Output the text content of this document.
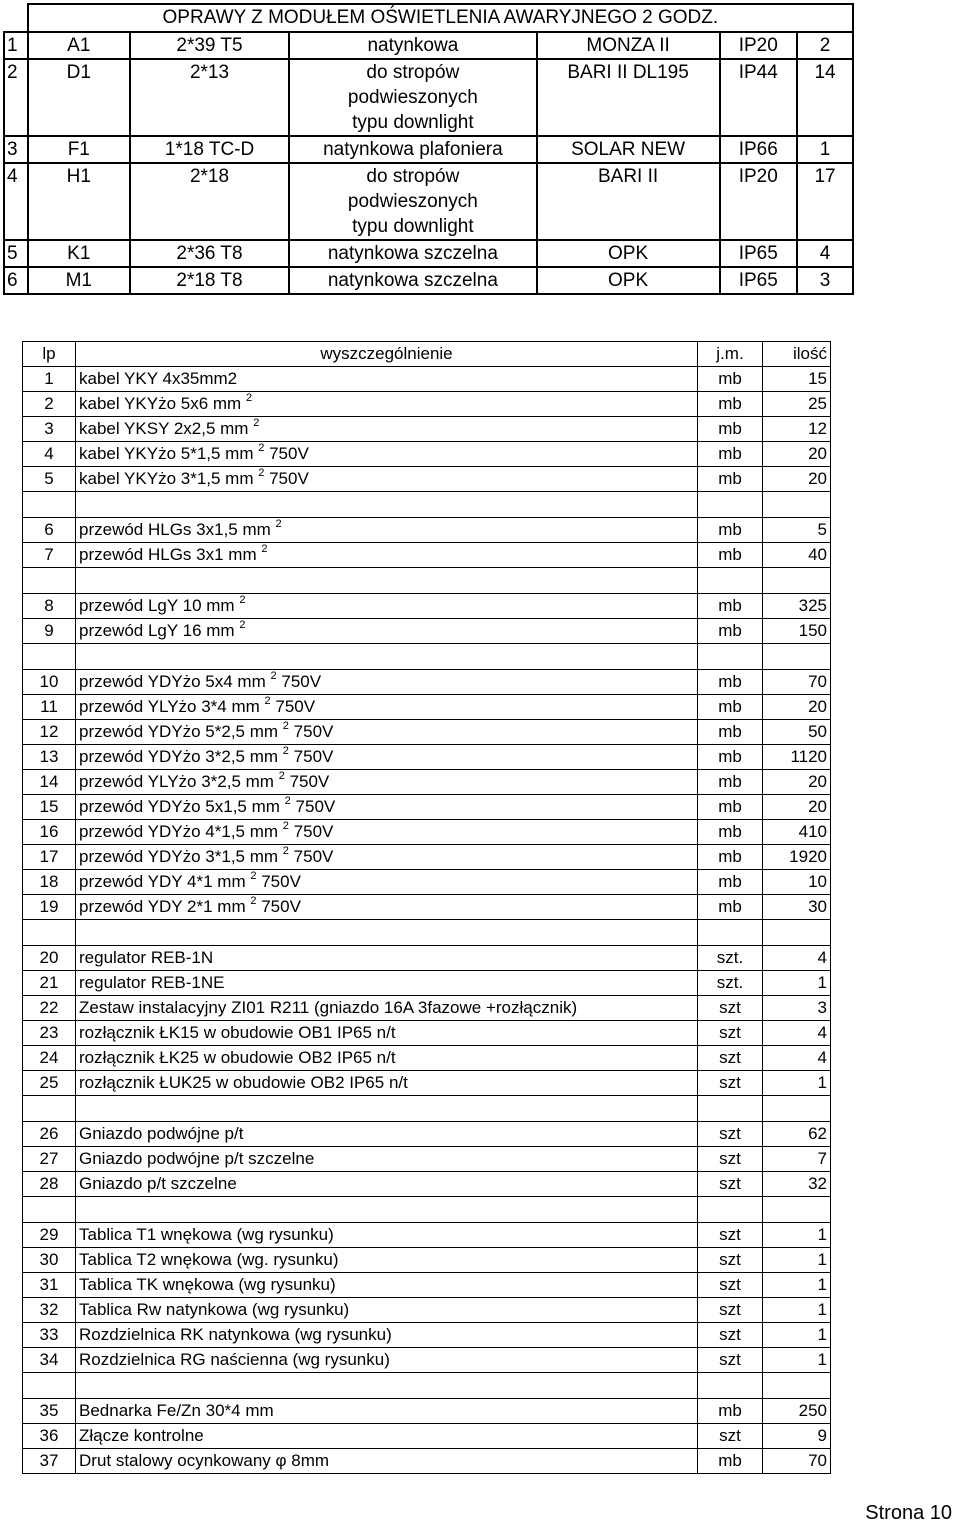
	OPRAWY Z MODUŁEM OŚWIETLENIA AWARYJNEGO 2 GODZ.					
1	A1	2*39 T5	natynkowa	MONZA II	IP20	2
2	D1	2*13	do stropów
podwieszonych
typu downlight	BARI II DL195	IP44	14
3	F1	1*18 TC-D	natynkowa plafoniera	SOLAR NEW	IP66	1
4	H1	2*18	do stropów
podwieszonych
typu downlight	BARI II	IP20	17
5	K1	2*36 T8	natynkowa szczelna	OPK	IP65	4
6	M1	2*18 T8	natynkowa szczelna	OPK	IP65	3
lp	wyszczególnienie	j.m.	ilość
1	kabel YKY 4x35mm2	mb	15
2	kabel YKYżo 5x6 mm $^2$	mb	25
3	kabel YKSY 2x2,5 mm $^2$	mb	12
4	kabel YKYżo 5*1,5 mm $^2$ 750V	mb	20
5	kabel YKYżo 3*1,5 mm $^2$ 750V	mb	20

6	przewód HLGs 3x1,5 mm $^2$	mb	5
7	przewód HLGs 3x1 mm $^2$	mb	40

8	przewód LgY 10 mm $^2$	mb	325
9	przewód LgY 16 mm $^2$	mb	150

10	przewód YDYżo 5x4 mm $^2$ 750V	mb	70
11	przewód YLYżo 3*4 mm $^2$ 750V	mb	20
12	przewód YDYżo 5*2,5 mm $^2$ 750V	mb	50
13	przewód YDYżo 3*2,5 mm $^2$ 750V	mb	1120
14	przewód YLYżo 3*2,5 mm $^2$ 750V	mb	20
15	przewód YDYżo 5x1,5 mm $^2$ 750V	mb	20
16	przewód YDYżo 4*1,5 mm $^2$ 750V	mb	410
17	przewód YDYżo 3*1,5 mm $^2$ 750V	mb	1920
18	przewód YDY 4*1 mm $^2$ 750V	mb	10
19	przewód YDY 2*1 mm $^2$ 750V	mb	30

20	regulator REB-1N	szt.	4
21	regulator REB-1NE	szt.	1
22	Zestaw instalacyjny ZI01 R211 (gniazdo 16A 3fazowe +rozłącznik)	szt	3
23	rozłącznik ŁK15 w obudowie OB1 IP65 n/t	szt	4
24	rozłącznik ŁK25 w obudowie OB2 IP65 n/t	szt	4
25	rozłącznik ŁUK25 w obudowie OB2 IP65 n/t	szt	1

26	Gniazdo podwójne p/t	szt	62
27	Gniazdo podwójne p/t szczelne	szt	7
28	Gniazdo p/t szczelne	szt	32

29	Tablica T1 wnękowa (wg rysunku)	szt	1
30	Tablica T2 wnękowa (wg. rysunku)	szt	1
31	Tablica TK wnękowa (wg rysunku)	szt	1
32	Tablica Rw natynkowa (wg rysunku)	szt	1
33	Rozdzielnica RK natynkowa (wg rysunku)	szt	1
34	Rozdzielnica RG naścienna (wg rysunku)	szt	1

35	Bednarka Fe/Zn 30*4 mm	mb	250
36	Złącze kontrolne	szt	9
37	Drut stalowy ocynkowany φ 8mm	mb	70
Strona 10
